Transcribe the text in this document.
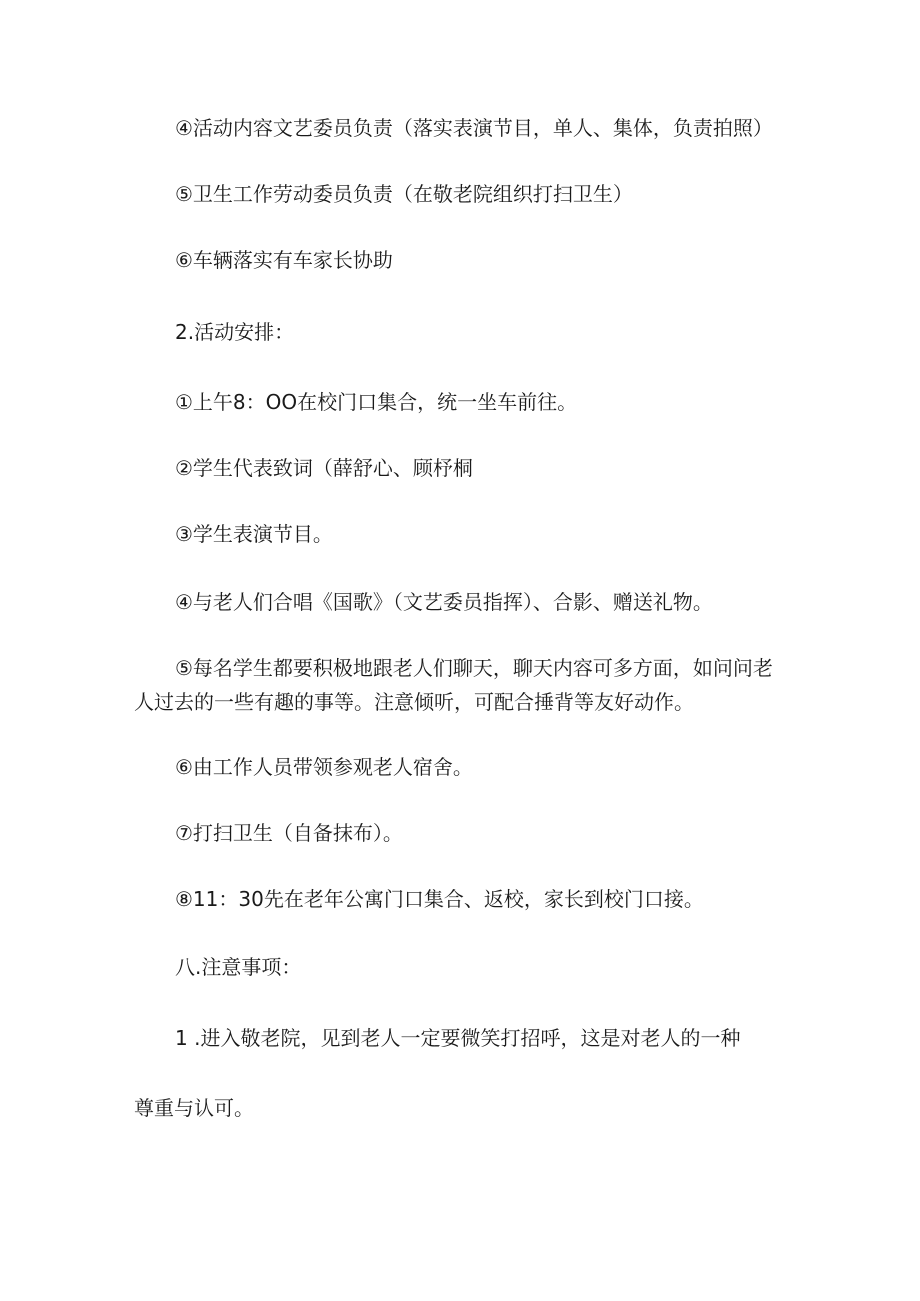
④活动内容文艺委员负责（落实表演节目，单人、集体，负责拍照）

⑤卫生工作劳动委员负责（在敬老院组织打扫卫生）

⑥车辆落实有车家长协助

2.活动安排：

①上午8：OO在校门口集合，统一坐车前往。

②学生代表致词（薛舒心、顾杼桐

③学生表演节目。

④与老人们合唱《国歌》（文艺委员指挥）、合影、赠送礼物。

⑤每名学生都要积极地跟老人们聊天，聊天内容可多方面，如问问老

人过去的一些有趣的事等。注意倾听，可配合捶背等友好动作。

⑥由工作人员带领参观老人宿舍。

⑦打扫卫生（自备抹布）。

⑧11：30先在老年公寓门口集合、返校，家长到校门口接。

八.注意事项：

1 .进入敬老院，见到老人一定要微笑打招呼，这是对老人的一种

尊重与认可。
